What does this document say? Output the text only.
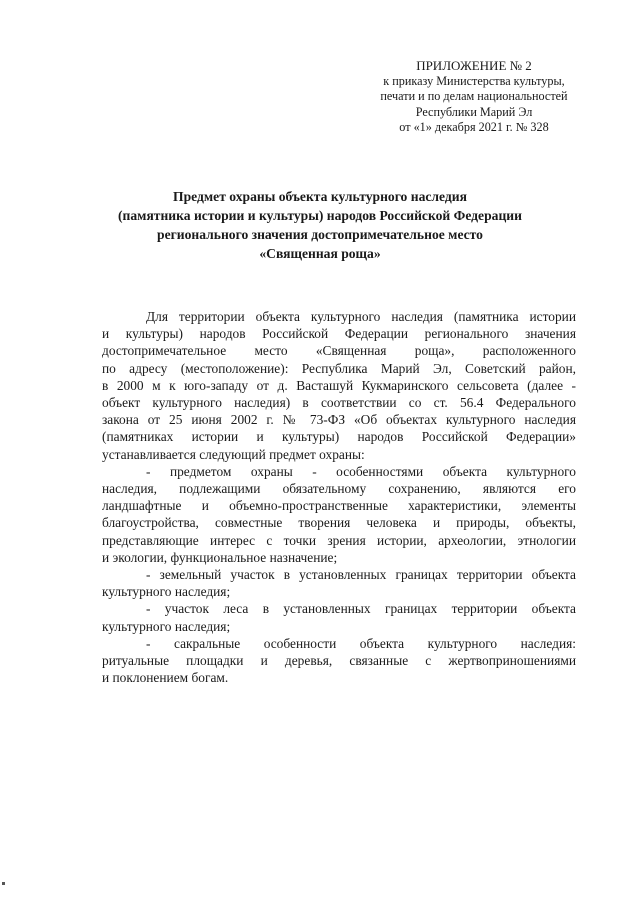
ПРИЛОЖЕНИЕ № 2
к приказу Министерства культуры,
печати и по делам национальностей
Республики Марий Эл
от «1» декабря 2021 г. № 328
Предмет охраны объекта культурного наследия
(памятника истории и культуры) народов Российской Федерации
регионального значения достопримечательное место
«Священная роща»
Для территории объекта культурного наследия (памятника истории
и культуры) народов Российской Федерации регионального значения
достопримечательное место «Священная роща», расположенного
по адресу (местоположение): Республика Марий Эл, Советский район,
в 2000 м к юго-западу от д. Васташуй Кукмаринского сельсовета (далее -
объект культурного наследия) в соответствии со ст. 56.4 Федерального
закона от 25 июня 2002 г. № 73-ФЗ «Об объектах культурного наследия
(памятниках истории и культуры) народов Российской Федерации»
устанавливается следующий предмет охраны:
- предметом охраны - особенностями объекта культурного
наследия, подлежащими обязательному сохранению, являются его
ландшафтные и объемно-пространственные характеристики, элементы
благоустройства, совместные творения человека и природы, объекты,
представляющие интерес с точки зрения истории, археологии, этнологии
и экологии, функциональное назначение;
- земельный участок в установленных границах территории объекта
культурного наследия;
- участок леса в установленных границах территории объекта
культурного наследия;
- сакральные особенности объекта культурного наследия:
ритуальные площадки и деревья, связанные с жертвоприношениями
и поклонением богам.
